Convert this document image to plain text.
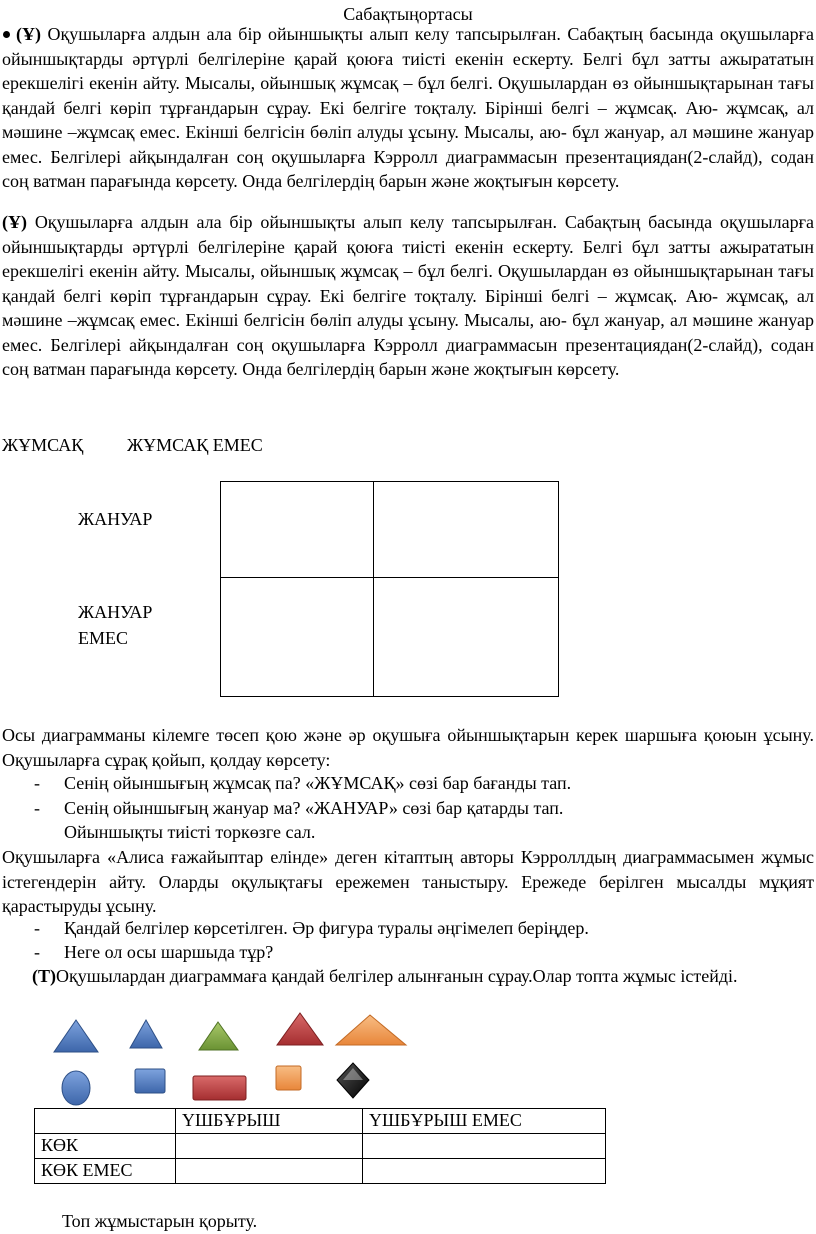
Сабақтыңортасы
(Ұ) Оқушыларға алдын ала бір ойыншықты алып келу тапсырылған. Сабақтың басында оқушыларға ойыншықтарды әртүрлі белгілеріне қарай қоюға тиісті екенін ескерту. Белгі бұл затты ажырататын ерекшелігі екенін айту. Мысалы, ойыншық жұмсақ – бұл белгі. Оқушылардан өз ойыншықтарынан тағы қандай белгі көріп тұрғандарын сұрау. Екі белгіге тоқталу. Бірінші белгі – жұмсақ. Аю- жұмсақ, ал мәшине –жұмсақ емес. Екінші белгісін бөліп алуды ұсыну. Мысалы, аю- бұл жануар, ал мәшине жануар емес. Белгілері айқындалған соң оқушыларға Кэрролл диаграммасын презентациядан(2-слайд), содан соң ватман парағында көрсету. Онда белгілердің барын және жоқтығын көрсету.
(Ұ) Оқушыларға алдын ала бір ойыншықты алып келу тапсырылған. Сабақтың басында оқушыларға ойыншықтарды әртүрлі белгілеріне қарай қоюға тиісті екенін ескерту. Белгі бұл затты ажырататын ерекшелігі екенін айту. Мысалы, ойыншық жұмсақ – бұл белгі. Оқушылардан өз ойыншықтарынан тағы қандай белгі көріп тұрғандарын сұрау. Екі белгіге тоқталу. Бірінші белгі – жұмсақ. Аю- жұмсақ, ал мәшине –жұмсақ емес. Екінші белгісін бөліп алуды ұсыну. Мысалы, аю- бұл жануар, ал мәшине жануар емес. Белгілері айқындалған соң оқушыларға Кэрролл диаграммасын презентациядан(2-слайд), содан соң ватман парағында көрсету. Онда белгілердің барын және жоқтығын көрсету.
ЖҰМСАҚ ЖҰМСАҚ ЕМЕС
ЖАНУАР
ЖАНУАР
ЕМЕС

Осы диаграмманы кілемге төсеп қою және әр оқушыға ойыншықтарын керек шаршыға қоюын ұсыну. Оқушыларға сұрақ қойып, қолдау көрсету:
- Сенің ойыншығың жұмсақ па? «ЖҰМСАҚ» сөзі бар бағанды тап.
- Сенің ойыншығың жануар ма? «ЖАНУАР» сөзі бар қатарды тап.
Ойыншықты тиісті торкөзге сал.
Оқушыларға «Алиса ғажайыптар елінде» деген кітаптың авторы Кэрроллдың диаграммасымен жұмыс істегендерін айту. Оларды оқулықтағы ережемен таныстыру. Ережеде берілген мысалды мұқият қарастыруды ұсыну.
- Қандай белгілер көрсетілген. Әр фигура туралы әңгімелеп беріңдер.
- Неге ол осы шаршыда тұр?
(Т)Оқушылардан диаграммаға қандай белгілер алынғанын сұрау.Олар топта жұмыс істейді.
	ҮШБҰРЫШ	ҮШБҰРЫШ ЕМЕС
КӨК		
КӨК ЕМЕС		
Топ жұмыстарын қорыту.
